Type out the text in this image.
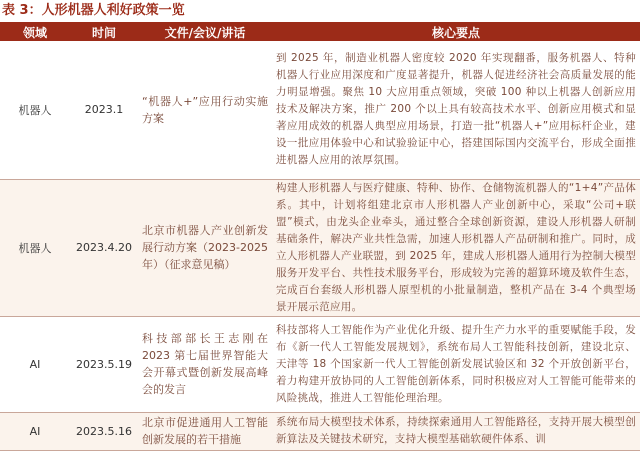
表 3：人形机器人利好政策一览
领域	时间	文件/会议/讲话	核心要点
机器人	2023.1	“机器人+”应用行动实施方案	到 2025 年，制造业机器人密度较 2020 年实现翻番，服务机器人、特种机器人行业应用深度和广度显著提升，机器人促进经济社会高质量发展的能力明显增强。聚焦 10 大应用重点领域，突破 100 种以上机器人创新应用技术及解决方案，推广 200 个以上具有较高技术水平、创新应用模式和显著应用成效的机器人典型应用场景，打造一批“机器人+”应用标杆企业，建设一批应用体验中心和试验验证中心，搭建国际国内交流平台，形成全面推进机器人应用的浓厚氛围。
机器人	2023.4.20	北京市机器人产业创新发展行动方案（2023-2025年）（征求意见稿）	构建人形机器人与医疗健康、特种、协作、仓储物流机器人的“1+4”产品体系。其中，计划将组建北京市人形机器人产业创新中心，采取“公司+联盟”模式，由龙头企业牵头，通过整合全球创新资源，建设人形机器人研制基础条件，解决产业共性急需，加速人形机器人产品研制和推广。同时，成立人形机器人产业联盟，到 2025 年，建成人形机器人通用行为控制大模型服务开发平台、共性技术服务平台，形成较为完善的超算环境及软件生态，完成百台套级人形机器人原型机的小批量制造，整机产品在 3-4 个典型场景开展示范应用。
AI	2023.5.19	科技部部长王志刚在 2023 第七届世界智能大会开幕式暨创新发展高峰会的发言	科技部将人工智能作为产业优化升级、提升生产力水平的重要赋能手段，发布《新一代人工智能发展规划》，系统布局人工智能科技创新，建设北京、天津等 18 个国家新一代人工智能创新发展试验区和 32 个开放创新平台，着力构建开放协同的人工智能创新体系，同时积极应对人工智能可能带来的风险挑战，推进人工智能伦理治理。
AI	2023.5.16	北京市促进通用人工智能创新发展的若干措施	系统布局大模型技术体系，持续探索通用人工智能路径，支持开展大模型创新算法及关键技术研究，支持大模型基础软硬件体系、训
